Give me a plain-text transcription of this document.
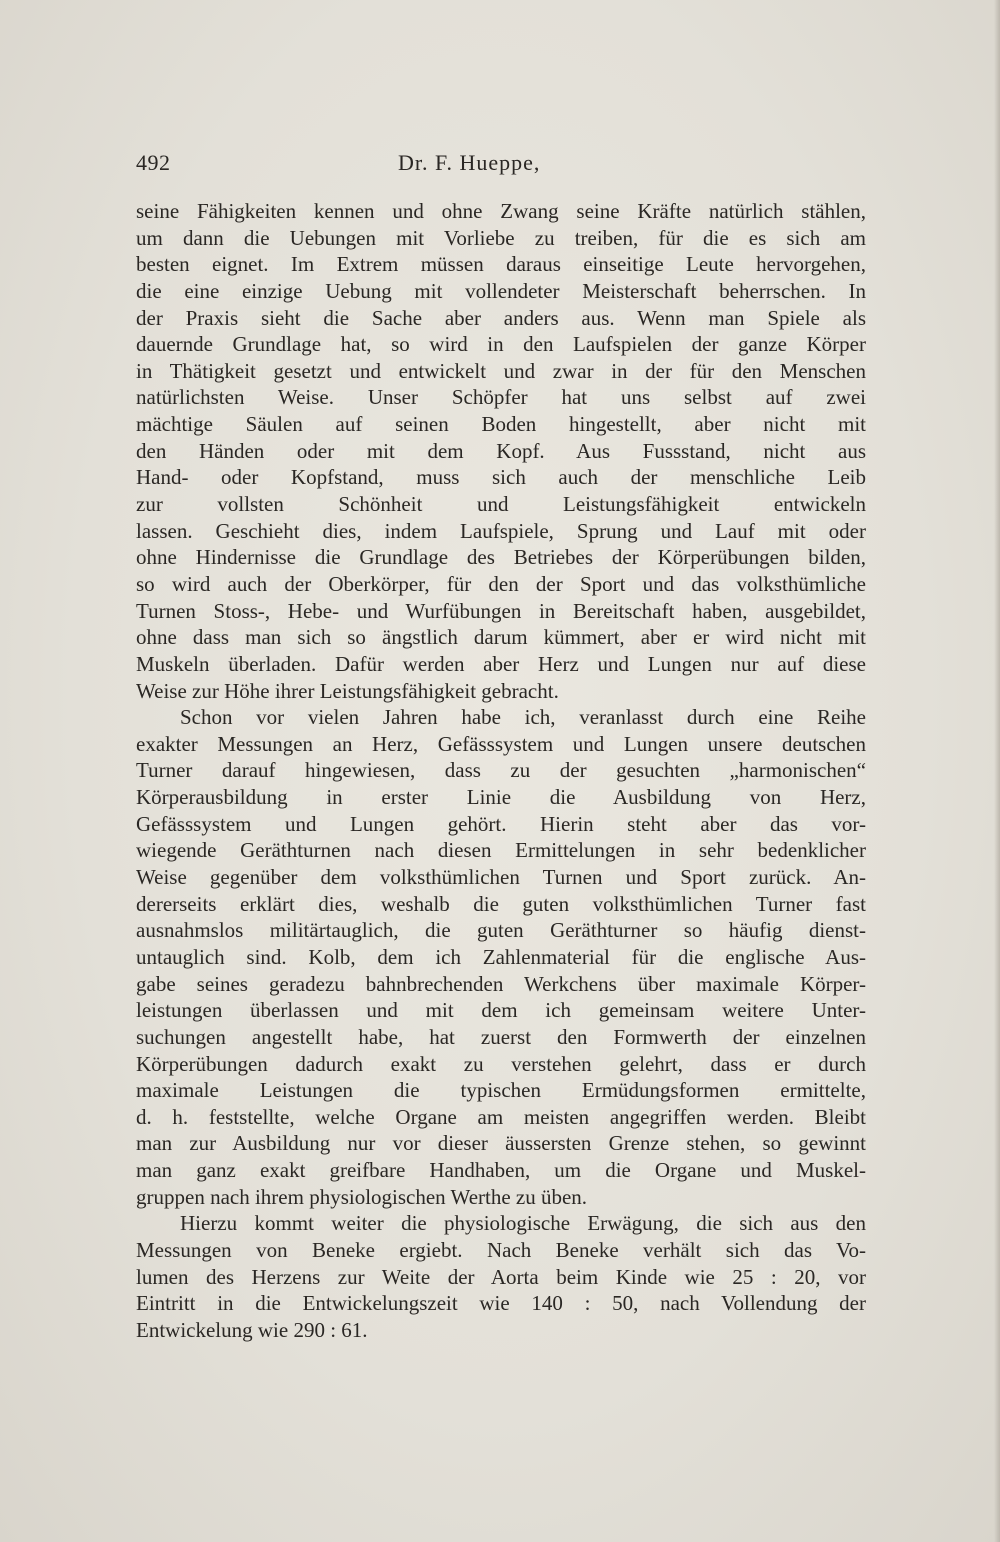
492	Dr. F. Hueppe,
seine Fähigkeiten kennen und ohne Zwang seine Kräfte natürlich stählen,
um dann die Uebungen mit Vorliebe zu treiben, für die es sich am
besten eignet. Im Extrem müssen daraus einseitige Leute hervorgehen,
die eine einzige Uebung mit vollendeter Meisterschaft beherrschen. In
der Praxis sieht die Sache aber anders aus. Wenn man Spiele als
dauernde Grundlage hat, so wird in den Laufspielen der ganze Körper
in Thätigkeit gesetzt und entwickelt und zwar in der für den Menschen
natürlichsten Weise. Unser Schöpfer hat uns selbst auf zwei
mächtige Säulen auf seinen Boden hingestellt, aber nicht mit
den Händen oder mit dem Kopf. Aus Fussstand, nicht aus
Hand- oder Kopfstand, muss sich auch der menschliche Leib
zur vollsten Schönheit und Leistungsfähigkeit entwickeln
lassen. Geschieht dies, indem Laufspiele, Sprung und Lauf mit oder
ohne Hindernisse die Grundlage des Betriebes der Körperübungen bilden,
so wird auch der Oberkörper, für den der Sport und das volksthümliche
Turnen Stoss-, Hebe- und Wurfübungen in Bereitschaft haben, ausgebildet,
ohne dass man sich so ängstlich darum kümmert, aber er wird nicht mit
Muskeln überladen. Dafür werden aber Herz und Lungen nur auf diese
Weise zur Höhe ihrer Leistungsfähigkeit gebracht.
Schon vor vielen Jahren habe ich, veranlasst durch eine Reihe
exakter Messungen an Herz, Gefässsystem und Lungen unsere deutschen
Turner darauf hingewiesen, dass zu der gesuchten „harmonischen“
Körperausbildung in erster Linie die Ausbildung von Herz,
Gefässsystem und Lungen gehört. Hierin steht aber das vor-
wiegende Geräthturnen nach diesen Ermittelungen in sehr bedenklicher
Weise gegenüber dem volksthümlichen Turnen und Sport zurück. An-
dererseits erklärt dies, weshalb die guten volksthümlichen Turner fast
ausnahmslos militärtauglich, die guten Geräthturner so häufig dienst-
untauglich sind. Kolb, dem ich Zahlenmaterial für die englische Aus-
gabe seines geradezu bahnbrechenden Werkchens über maximale Körper-
leistungen überlassen und mit dem ich gemeinsam weitere Unter-
suchungen angestellt habe, hat zuerst den Formwerth der einzelnen
Körperübungen dadurch exakt zu verstehen gelehrt, dass er durch
maximale Leistungen die typischen Ermüdungsformen ermittelte,
d. h. feststellte, welche Organe am meisten angegriffen werden. Bleibt
man zur Ausbildung nur vor dieser äussersten Grenze stehen, so gewinnt
man ganz exakt greifbare Handhaben, um die Organe und Muskel-
gruppen nach ihrem physiologischen Werthe zu üben.
Hierzu kommt weiter die physiologische Erwägung, die sich aus den
Messungen von Beneke ergiebt. Nach Beneke verhält sich das Vo-
lumen des Herzens zur Weite der Aorta beim Kinde wie 25 : 20, vor
Eintritt in die Entwickelungszeit wie 140 : 50, nach Vollendung der
Entwickelung wie 290 : 61.
